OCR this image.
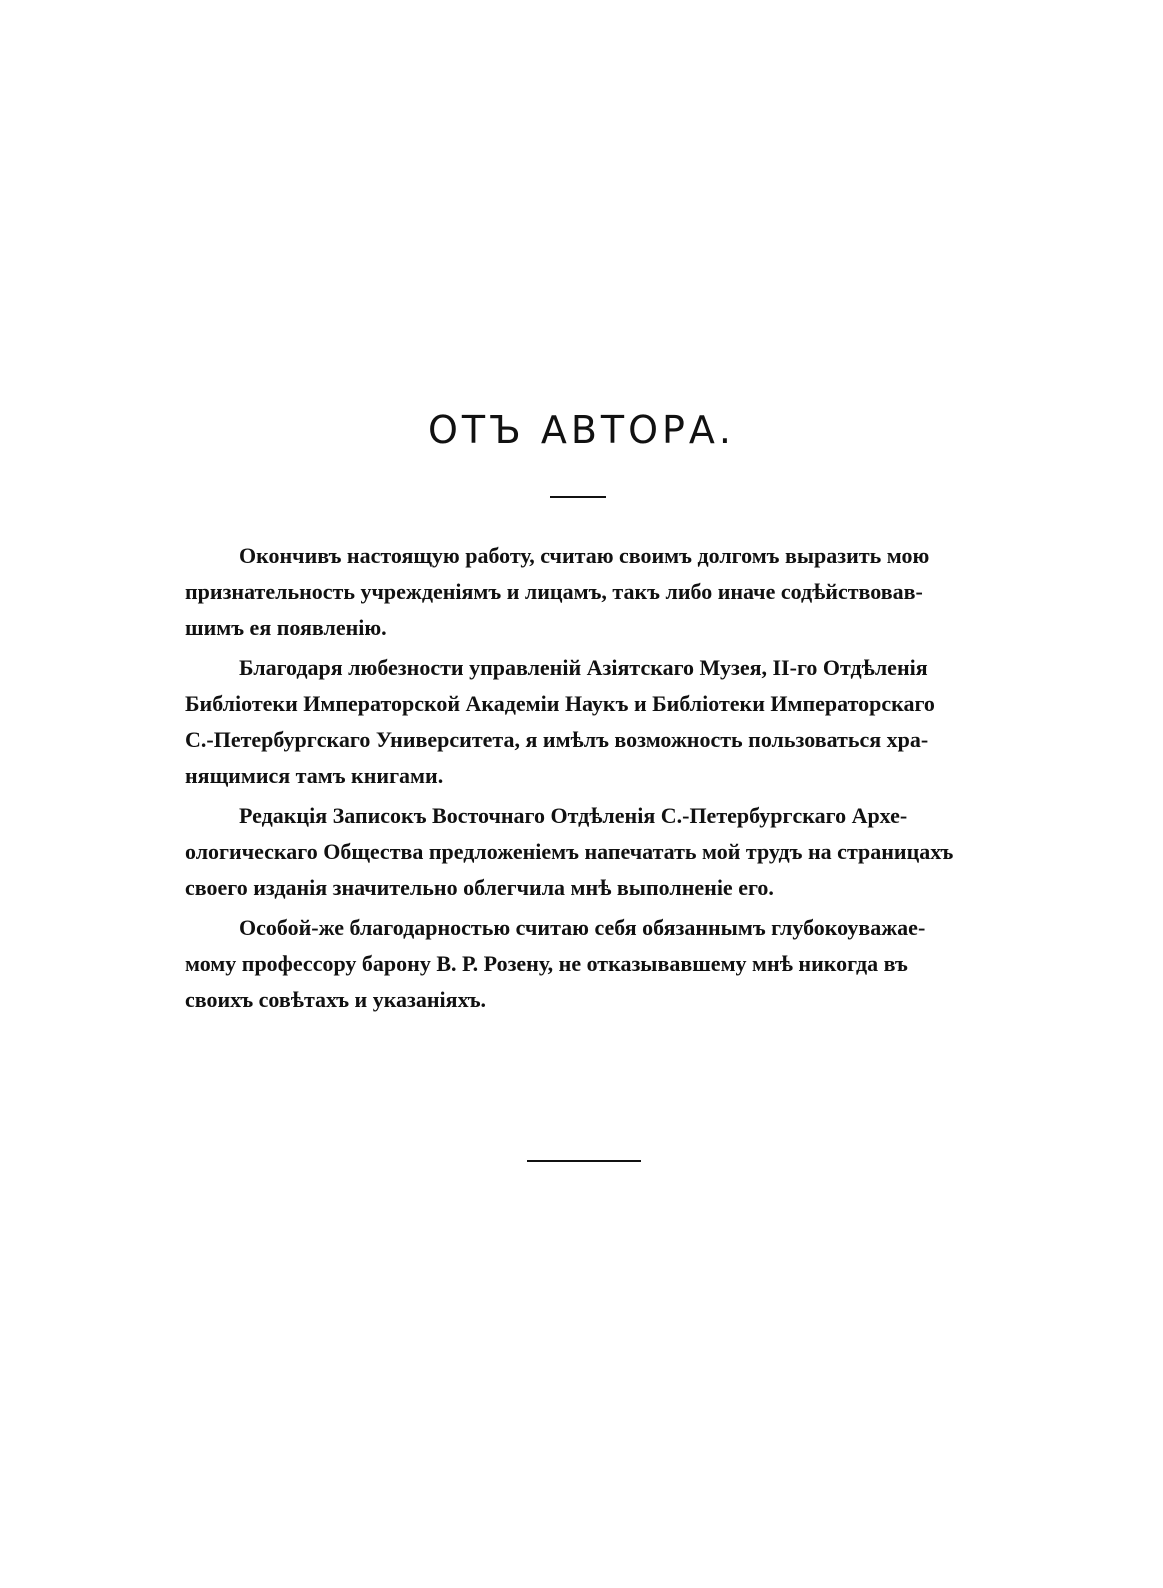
ОТЪ АВТОРА.

Окончивъ настоящую работу, считаю своимъ долгомъ выразить мою
признательность учрежденіямъ и лицамъ, такъ либо иначе содѣйствовав-
шимъ ея появленію.

Благодаря любезности управленій Азіятскаго Музея, II-го Отдѣленія
Библіотеки Императорской Академіи Наукъ и Библіотеки Императорскаго
С.-Петербургскаго Университета, я имѣлъ возможность пользоваться хра-
нящимися тамъ книгами.

Редакція Записокъ Восточнаго Отдѣленія С.-Петербургскаго Архе-
ологическаго Общества предложеніемъ напечатать мой трудъ на страницахъ
своего изданія значительно облегчила мнѣ выполненіе его.

Особой-же благодарностью считаю себя обязаннымъ глубокоуважае-
мому профессору барону В. Р. Розену, не отказывавшему мнѣ никогда въ
своихъ совѣтахъ и указаніяхъ.
